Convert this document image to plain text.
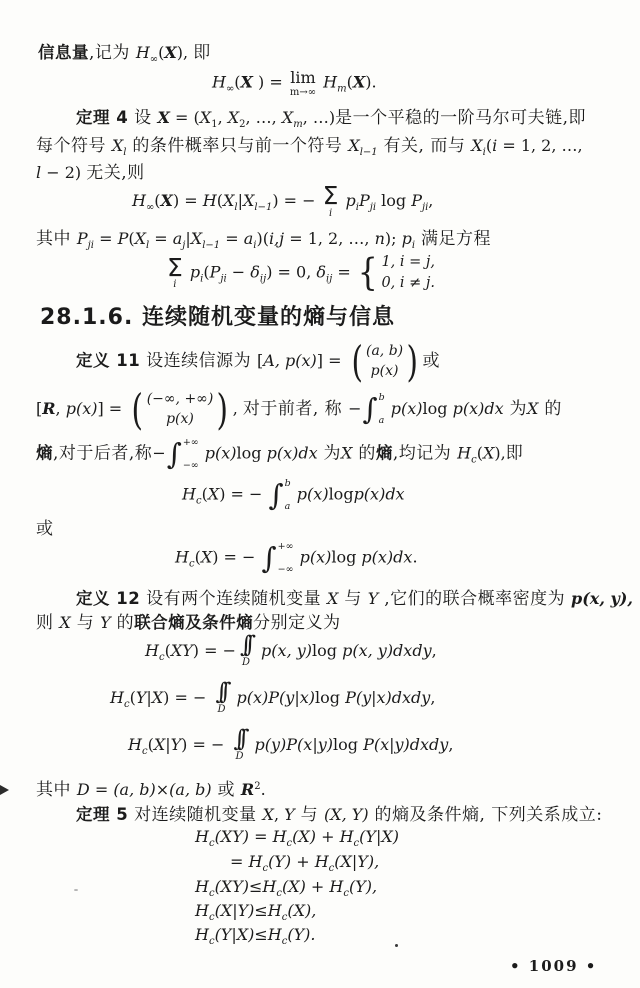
信息量,记为 $H_\infty(X)$, 即
$H_\infty(X$ ) = lim
m→∞
$H_m(X)$.
定理 4 设 $X = (X_1$, $X_2$, …, $X_m$, …)是一个平稳的一阶马尔可夫链,即
每个符号 $X_l$ 的条件概率只与前一个符号 $X_{l-1}$ 有关, 而与 $X_i(i = 1$, 2, …,
l − 2) 无关,则
$H_\infty(X) = H(X_l|X_{l-1})$ = − Σ
i
$p_iP_{ji}$ $\log P_{ji}$,
其中 $P_{ji} = P(X_l = a_j|X_{l-1} = a_i)(i,j = 1$, 2, …, n); $p_i$ 满足方程
Σ
i
$p_i(P_{ji} - \delta_{ij}) = 0$, $\delta_{ij}$ = { 1, i = j,
0, i ≠ j.
28.1.6. 连续随机变量的熵与信息
定义 11 设连续信源为 [A, p(x)] = ( (a, b)
p(x) ) 或
[R, p(x)] = ( (−∞, +∞)
p(x) ) , 对于前者, 称 − ∫ b
a
p(x)log p(x)dx 为X 的
熵,对于后者,称− ∫ +∞
−∞
p(x)log p(x)dx 为X 的熵,均记为 $H_c(X)$,即
$H_c(X)$ = − ∫ b
a
p(x)logp(x)dx
或
$H_c(X)$ = − ∫ +∞
−∞
p(x)log p(x)dx.
定义 12 设有两个连续随机变量 X 与 Y ,它们的联合概率密度为 p(x, y),
则 X 与 Y 的联合熵及条件熵分别定义为
$H_c(XY)$ = − ∫∫
D
p(x, y)log p(x, y)dxdy,
$H_c(Y|X)$ = − ∫∫
D
p(x)P(y|x)log P(y|x)dxdy,
$H_c(X|Y)$ = − ∫∫
D
p(y)P(x|y)log P(x|y)dxdy,
其中 D = (a, b)×(a, b) 或 $R^2$.
定理 5 对连续随机变量 X, Y 与 (X, Y) 的熵及条件熵, 下列关系成立:
$H_c(XY) = H_c(X) + H_c(Y|X)$
= $H_c(Y) + H_c(X|Y)$,
$H_c(XY)\le H_c(X) + H_c(Y)$,
$H_c(X|Y)\le H_c(X)$,
$H_c(Y|X)\le H_c(Y)$.
• 1009 •
